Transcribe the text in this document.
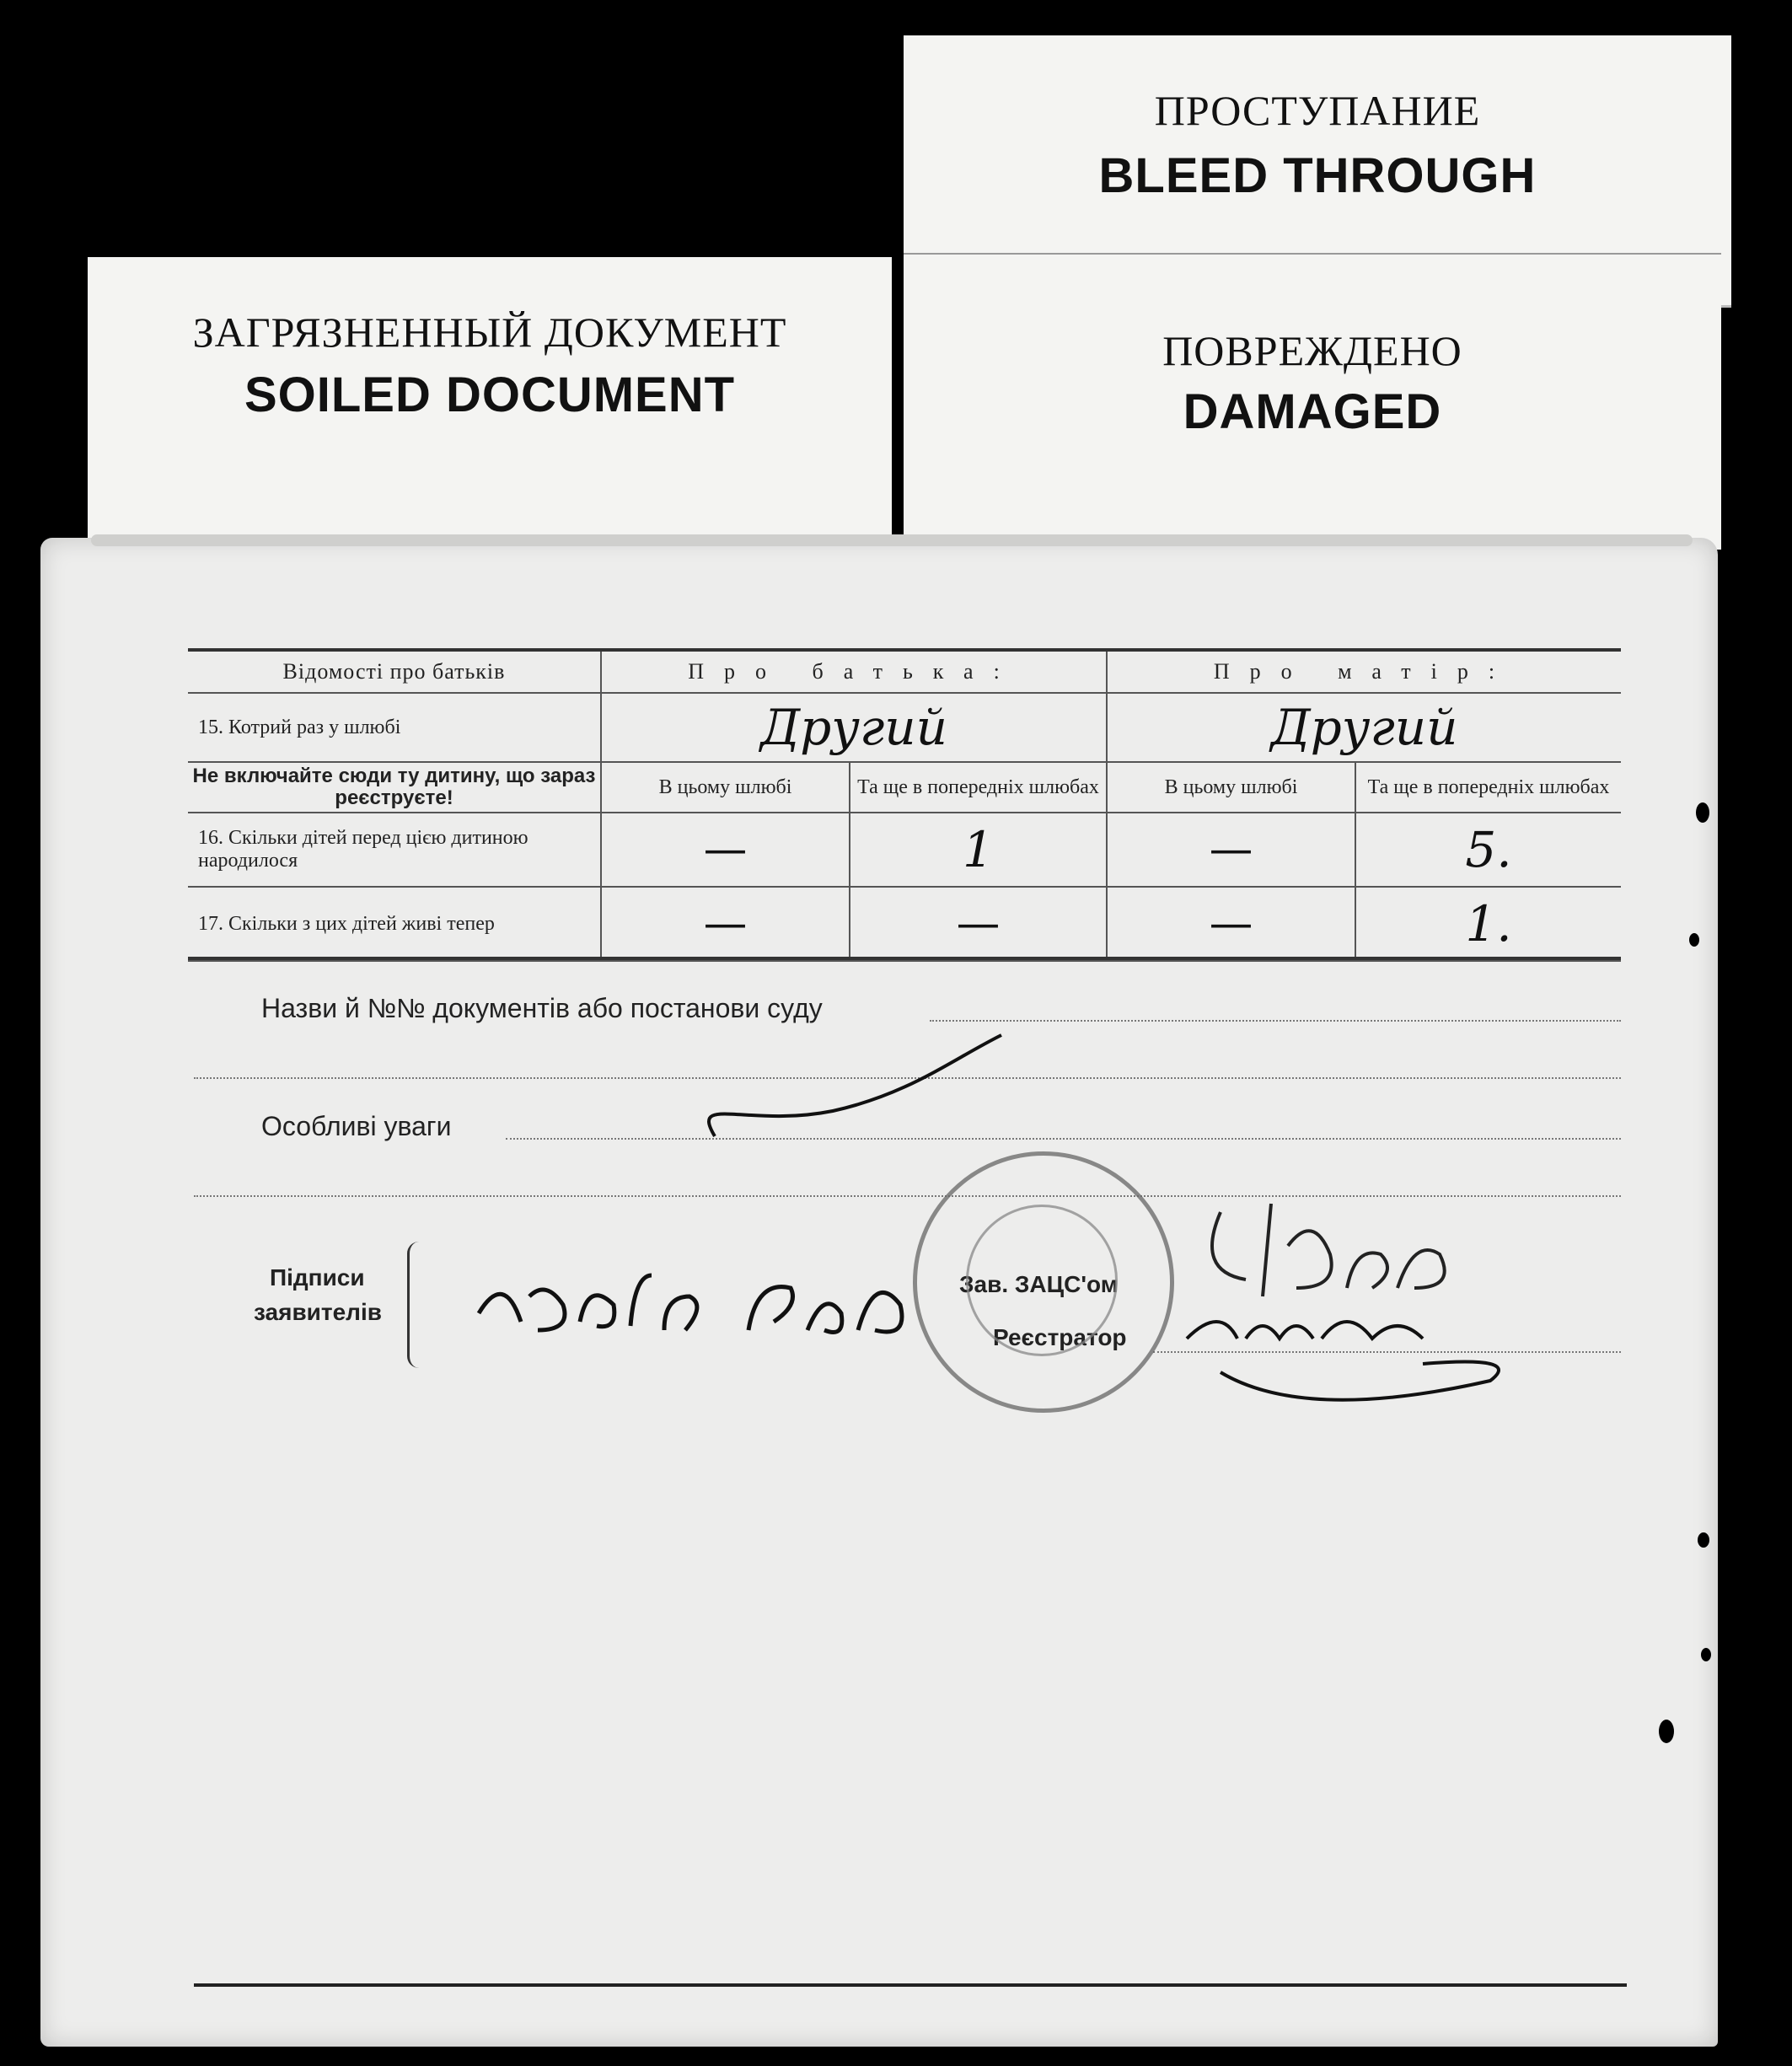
ЗАГРЯЗНЕННЫЙ ДОКУМЕНТ
SOILED DOCUMENT
ПРОСТУПАНИЕ
BLEED THROUGH
ПОВРЕЖДЕНО
DAMAGED
Відомості про батьків	Про батька:		Про матір:	
15. Котрий раз у шлюбі	Другий		Другий	
Не включайте сюди ту дитину, що зараз реєструєте!	В цьому шлюбі	Та ще в попередніх шлюбах	В цьому шлюбі	Та ще в попередніх шлюбах
16. Скільки дітей перед цією дитиною народилося	—	1	—	5.
17. Скільки з цих дітей живі тепер	—	—	—	1.
Назви й №№ документів або постанови суду
Особливі уваги
Підписи
заявителів
Зав. ЗАЦС'ом
Реєстратор
